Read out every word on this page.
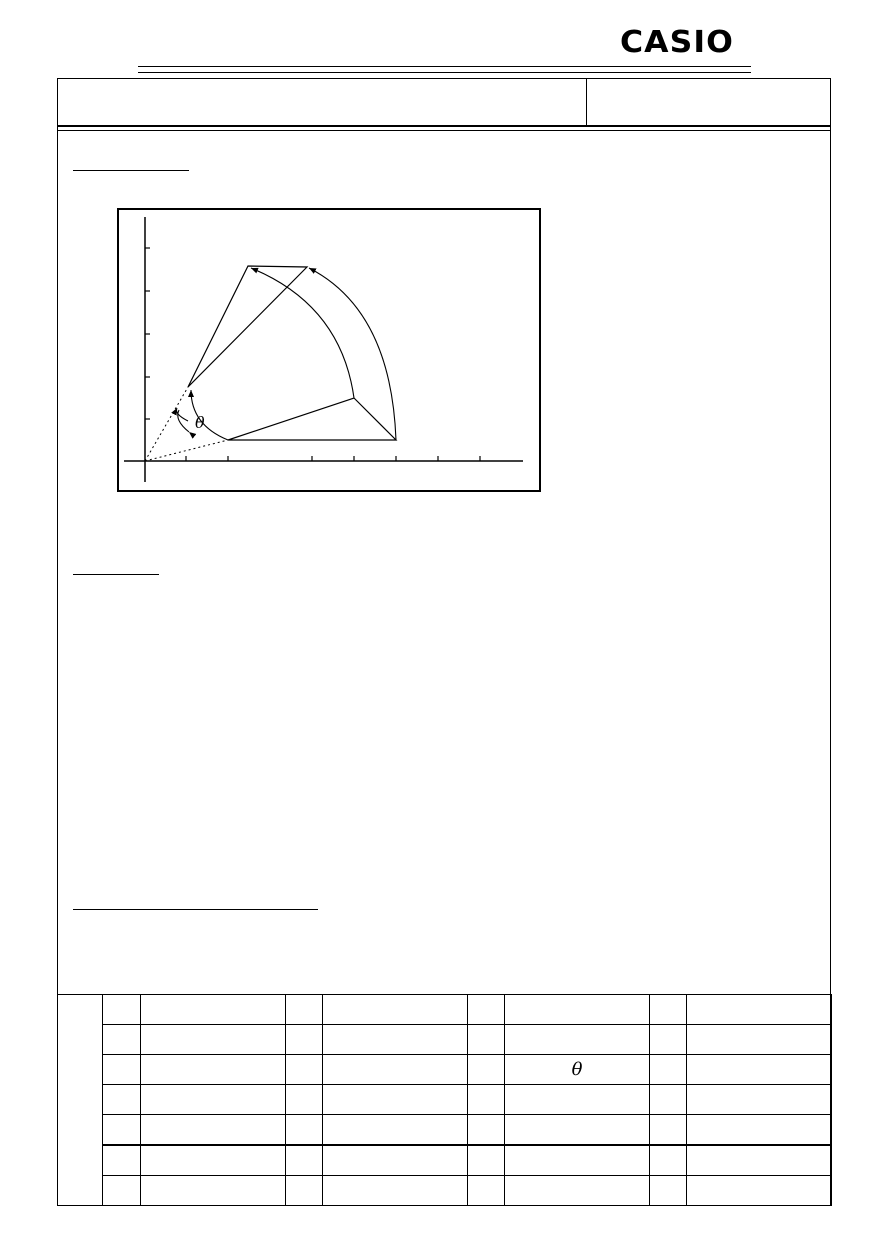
CASIO
θ

						θ		
